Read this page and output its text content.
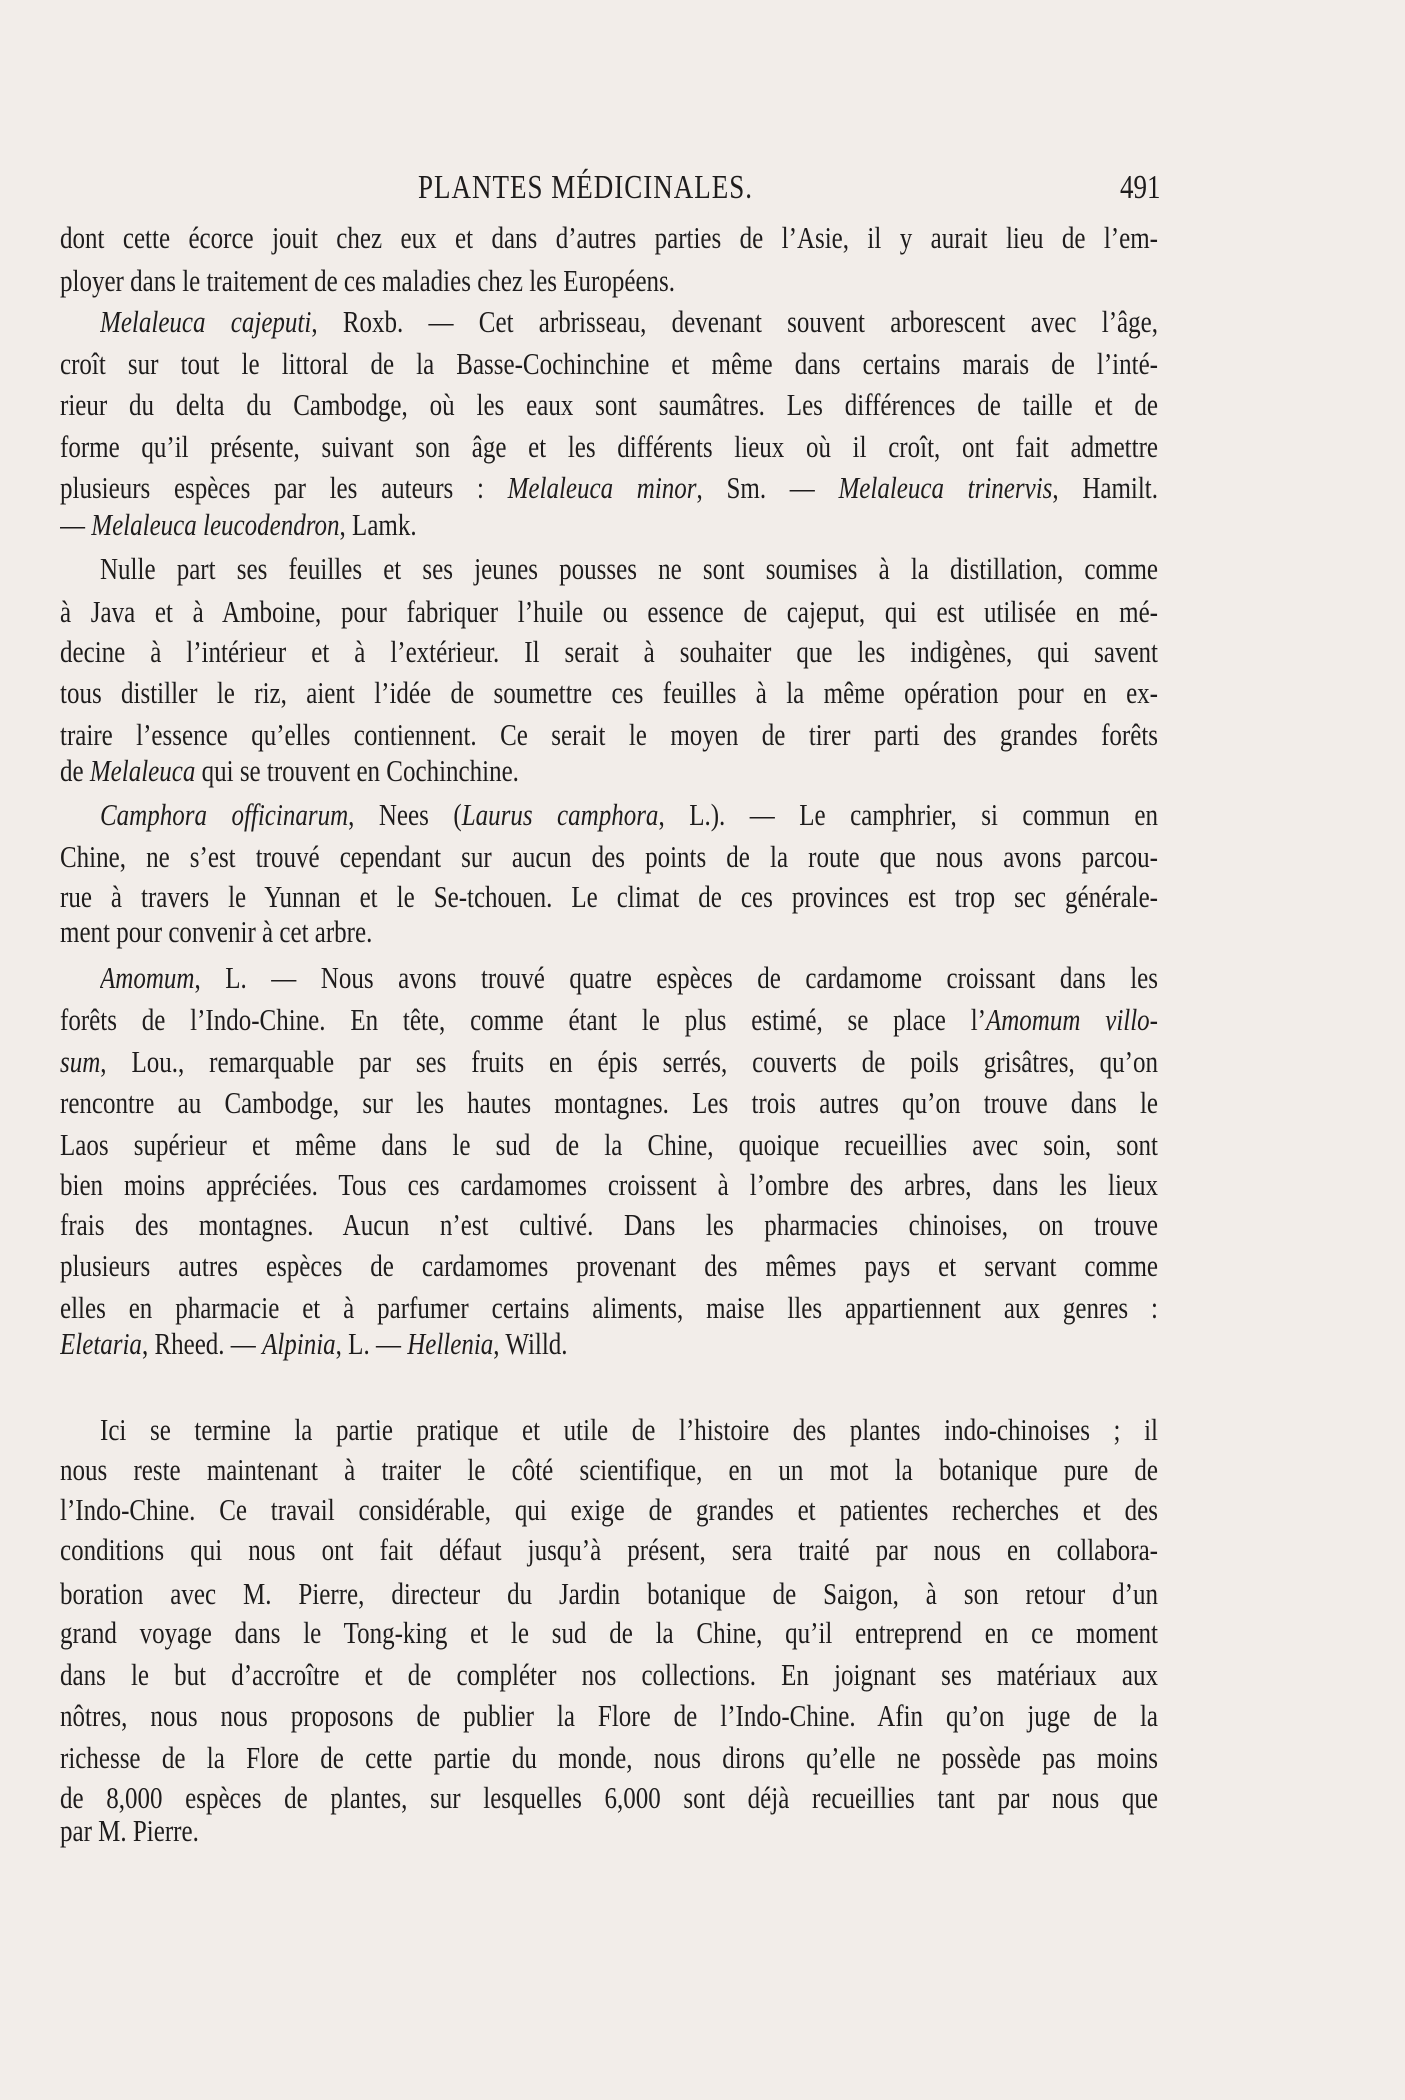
PLANTES MÉDICINALES.	491
dont cette écorce jouit chez eux et dans d’autres parties de l’Asie, il y aurait lieu de l’em-
ployer dans le traitement de ces maladies chez les Européens.
Melaleuca cajeputi, Roxb. — Cet arbrisseau, devenant souvent arborescent avec l’âge,
croît sur tout le littoral de la Basse-Cochinchine et même dans certains marais de l’inté-
rieur du delta du Cambodge, où les eaux sont saumâtres. Les différences de taille et de
forme qu’il présente, suivant son âge et les différents lieux où il croît, ont fait admettre
plusieurs espèces par les auteurs : Melaleuca minor, Sm. — Melaleuca trinervis, Hamilt.
— Melaleuca leucodendron, Lamk.
Nulle part ses feuilles et ses jeunes pousses ne sont soumises à la distillation, comme
à Java et à Amboine, pour fabriquer l’huile ou essence de cajeput, qui est utilisée en mé-
decine à l’intérieur et à l’extérieur. Il serait à souhaiter que les indigènes, qui savent
tous distiller le riz, aient l’idée de soumettre ces feuilles à la même opération pour en ex-
traire l’essence qu’elles contiennent. Ce serait le moyen de tirer parti des grandes forêts
de Melaleuca qui se trouvent en Cochinchine.
Camphora officinarum, Nees (Laurus camphora, L.). — Le camphrier, si commun en
Chine, ne s’est trouvé cependant sur aucun des points de la route que nous avons parcou-
rue à travers le Yunnan et le Se-tchouen. Le climat de ces provinces est trop sec générale-
ment pour convenir à cet arbre.
Amomum, L. — Nous avons trouvé quatre espèces de cardamome croissant dans les
forêts de l’Indo-Chine. En tête, comme étant le plus estimé, se place l’Amomum villo-
sum, Lou., remarquable par ses fruits en épis serrés, couverts de poils grisâtres, qu’on
rencontre au Cambodge, sur les hautes montagnes. Les trois autres qu’on trouve dans le
Laos supérieur et même dans le sud de la Chine, quoique recueillies avec soin, sont
bien moins appréciées. Tous ces cardamomes croissent à l’ombre des arbres, dans les lieux
frais des montagnes. Aucun n’est cultivé. Dans les pharmacies chinoises, on trouve
plusieurs autres espèces de cardamomes provenant des mêmes pays et servant comme
elles en pharmacie et à parfumer certains aliments, maise lles appartiennent aux genres :
Eletaria, Rheed. — Alpinia, L. — Hellenia, Willd.
Ici se termine la partie pratique et utile de l’histoire des plantes indo-chinoises ; il
nous reste maintenant à traiter le côté scientifique, en un mot la botanique pure de
l’Indo-Chine. Ce travail considérable, qui exige de grandes et patientes recherches et des
conditions qui nous ont fait défaut jusqu’à présent, sera traité par nous en collabora-
boration avec M. Pierre, directeur du Jardin botanique de Saigon, à son retour d’un
grand voyage dans le Tong-king et le sud de la Chine, qu’il entreprend en ce moment
dans le but d’accroître et de compléter nos collections. En joignant ses matériaux aux
nôtres, nous nous proposons de publier la Flore de l’Indo-Chine. Afin qu’on juge de la
richesse de la Flore de cette partie du monde, nous dirons qu’elle ne possède pas moins
de 8,000 espèces de plantes, sur lesquelles 6,000 sont déjà recueillies tant par nous que
par M. Pierre.
